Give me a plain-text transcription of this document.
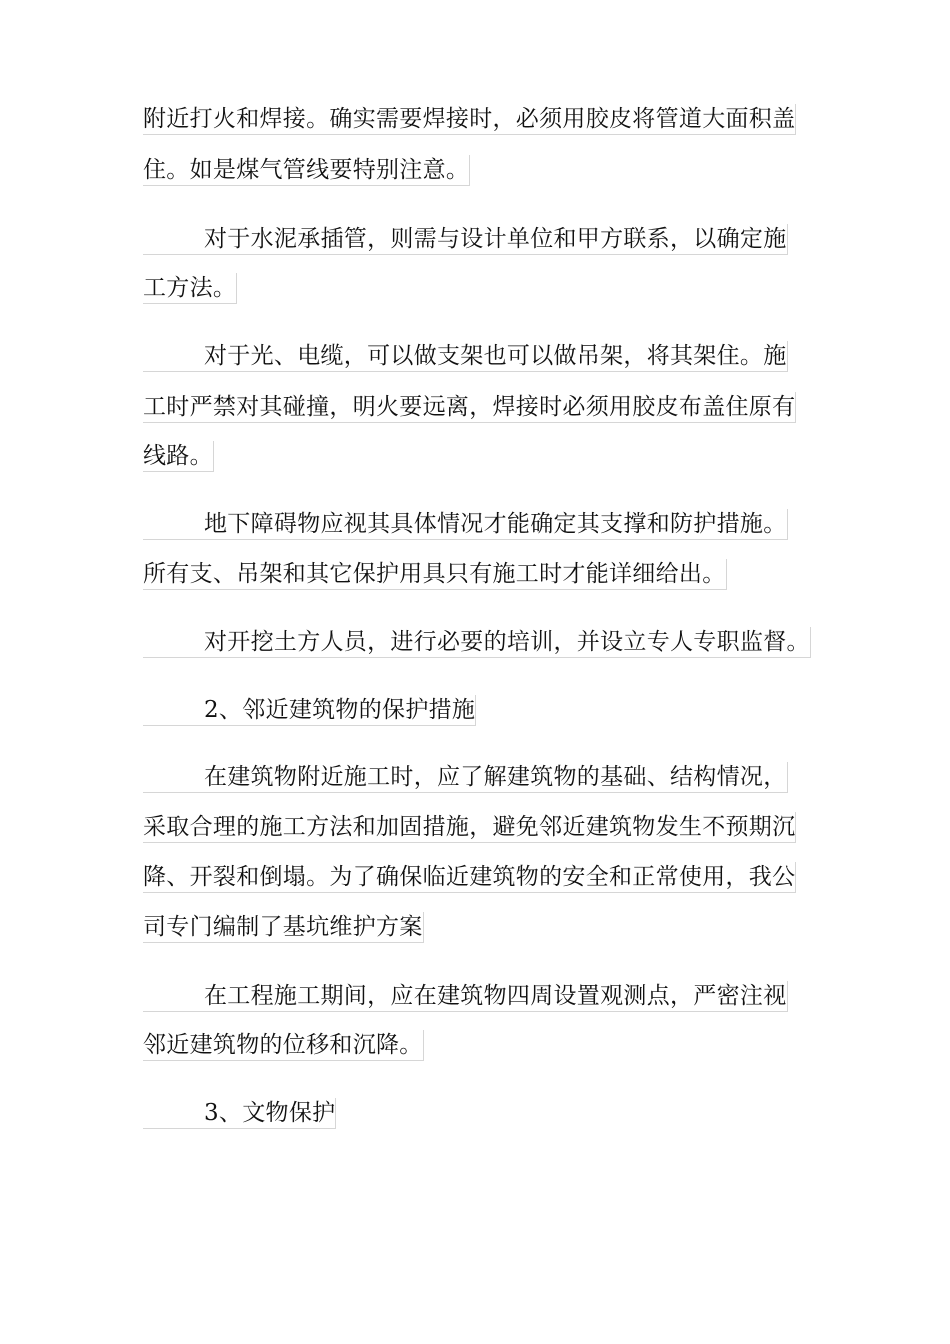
附近打火和焊接。确实需要焊接时，必须用胶皮将管道大面积盖
住。如是煤气管线要特别注意。
对于水泥承插管，则需与设计单位和甲方联系，以确定施
工方法。
对于光、电缆，可以做支架也可以做吊架，将其架住。施
工时严禁对其碰撞，明火要远离，焊接时必须用胶皮布盖住原有
线路。
地下障碍物应视其具体情况才能确定其支撑和防护措施。
所有支、吊架和其它保护用具只有施工时才能详细给出。
对开挖土方人员，进行必要的培训，并设立专人专职监督。
2、邻近建筑物的保护措施
在建筑物附近施工时，应了解建筑物的基础、结构情况，
采取合理的施工方法和加固措施，避免邻近建筑物发生不预期沉
降、开裂和倒塌。为了确保临近建筑物的安全和正常使用，我公
司专门编制了基坑维护方案
在工程施工期间，应在建筑物四周设置观测点，严密注视
邻近建筑物的位移和沉降。
3、文物保护
